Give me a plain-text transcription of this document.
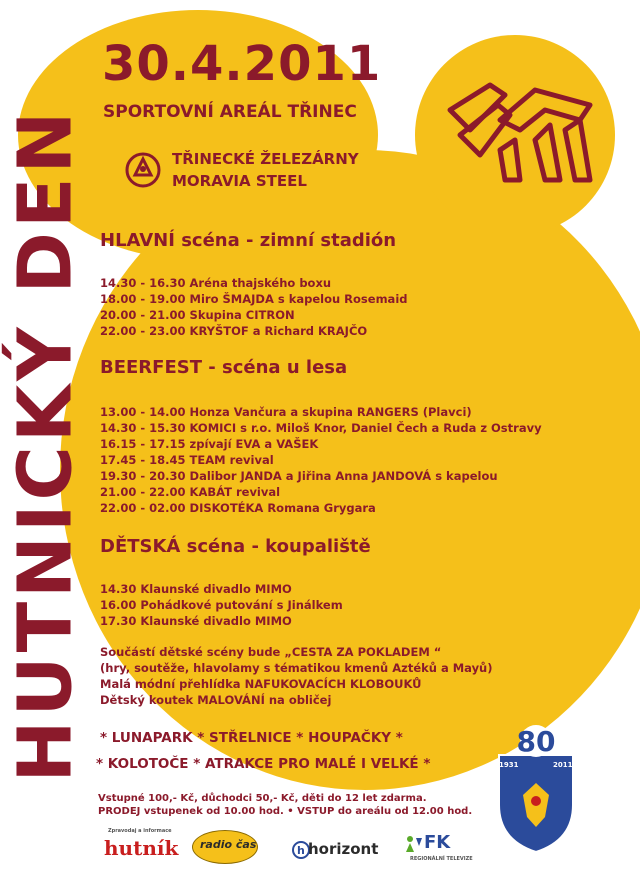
HUTNICKÝ DEN
30.4.2011
SPORTOVNÍ AREÁL TŘINEC
TŘINECKÉ ŽELEZÁRNY
MORAVIA STEEL
HLAVNÍ scéna - zimní stadión
14.30 - 16.30 Aréna thajského boxu
18.00 - 19.00 Miro ŠMAJDA s kapelou Rosemaid
20.00 - 21.00 Skupina CITRON
22.00 - 23.00 KRYŠTOF a Richard KRAJČO
BEERFEST - scéna u lesa
13.00 - 14.00 Honza Vančura a skupina RANGERS (Plavci)
14.30 - 15.30 KOMICI s r.o. Miloš Knor, Daniel Čech a Ruda z Ostravy
16.15 - 17.15 zpívají EVA a VAŠEK
17.45 - 18.45 TEAM revival
19.30 - 20.30 Dalibor JANDA a Jiřina Anna JANDOVÁ s kapelou
21.00 - 22.00 KABÁT revival
22.00 - 02.00 DISKOTÉKA Romana Grygara
DĚTSKÁ scéna - koupaliště
14.30 Klaunské divadlo MIMO
16.00 Pohádkové putování s Jinálkem
17.30 Klaunské divadlo MIMO
Součástí dětské scény bude „CESTA ZA POKLADEM “
(hry, soutěže, hlavolamy s tématikou kmenů Aztéků a Mayů)
Malá módní přehlídka NAFUKOVACÍCH KLOBOUKŮ
Dětský koutek MALOVÁNÍ na obličej
* LUNAPARK * STŘELNICE * HOUPAČKY *
* KOLOTOČE * ATRAKCE PRO MALÉ I VELKÉ *
Vstupné 100,- Kč, důchodci 50,- Kč, děti do 12 let zdarma.
PRODEJ vstupenek od 10.00 hod. • VSTUP do areálu od 12.00 hod.
80
1931	2011
Zpravodaj a informace
hutník radio čas	h horizont	FK
REGIONÁLNÍ TELEVIZE
